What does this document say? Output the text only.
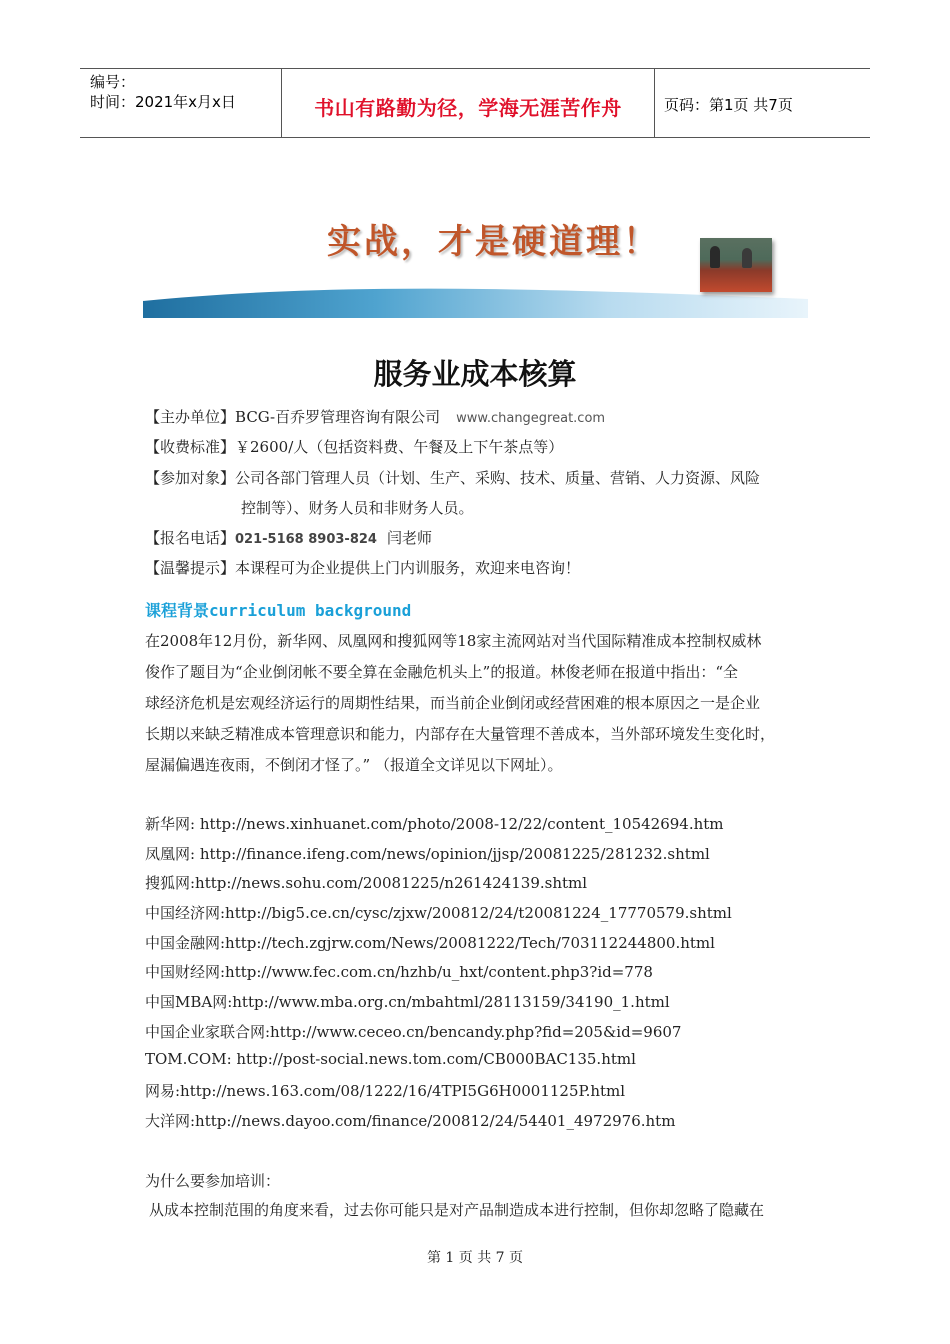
编号：
时间：2021年x月x日	书山有路勤为径，学海无涯苦作舟	页码：第1页 共7页
实战，才是硬道理！
服务业成本核算
【主办单位】BCG-百乔罗管理咨询有限公司 www.changegreat.com
【收费标准】￥2600/人（包括资料费、午餐及上下午茶点等）
【参加对象】公司各部门管理人员（计划、生产、采购、技术、质量、营销、人力资源、风险
控制等）、财务人员和非财务人员。
【报名电话】021-5168 8903-824 闫老师
【温馨提示】本课程可为企业提供上门内训服务，欢迎来电咨询！
课程背景curriculum background
在2008年12月份，新华网、凤凰网和搜狐网等18家主流网站对当代国际精准成本控制权威林
俊作了题目为“企业倒闭帐不要全算在金融危机头上”的报道。林俊老师在报道中指出：“全
球经济危机是宏观经济运行的周期性结果，而当前企业倒闭或经营困难的根本原因之一是企业
长期以来缺乏精准成本管理意识和能力，内部存在大量管理不善成本，当外部环境发生变化时，
屋漏偏遇连夜雨，不倒闭才怪了。” （报道全文详见以下网址）。
新华网: http://news.xinhuanet.com/photo/2008-12/22/content_10542694.htm
凤凰网: http://finance.ifeng.com/news/opinion/jjsp/20081225/281232.shtml
搜狐网:http://news.sohu.com/20081225/n261424139.shtml
中国经济网:http://big5.ce.cn/cysc/zjxw/200812/24/t20081224_17770579.shtml
中国金融网:http://tech.zgjrw.com/News/20081222/Tech/703112244800.html
中国财经网:http://www.fec.com.cn/hzhb/u_hxt/content.php3?id=778
中国MBA网:http://www.mba.org.cn/mbahtml/28113159/34190_1.html
中国企业家联合网:http://www.ceceo.cn/bencandy.php?fid=205&id=9607
TOM.COM: http://post-social.news.tom.com/CB000BAC135.html
网易:http://news.163.com/08/1222/16/4TPI5G6H0001125P.html
大洋网:http://news.dayoo.com/finance/200812/24/54401_4972976.htm
为什么要参加培训：
从成本控制范围的角度来看，过去你可能只是对产品制造成本进行控制，但你却忽略了隐藏在
第 1 页 共 7 页
